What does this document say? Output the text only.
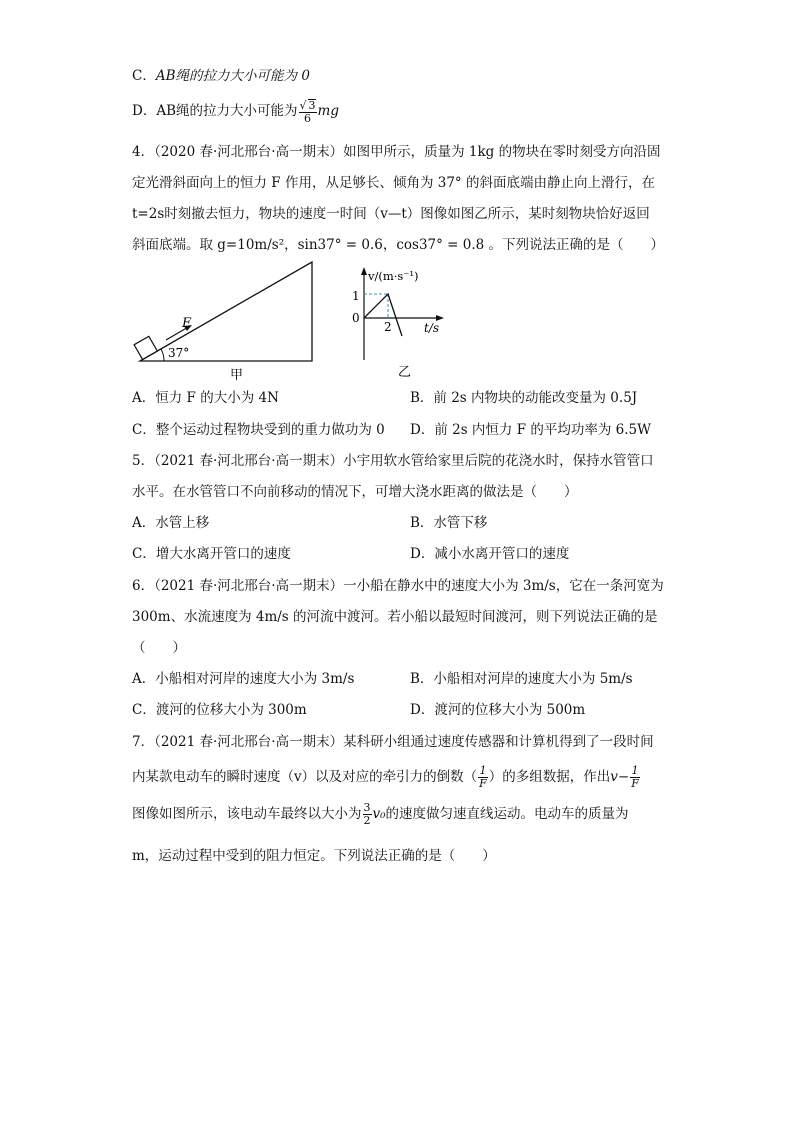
C．AB绳的拉力大小可能为 0
D．AB绳的拉力大小可能为 $\frac{√ 3}{6}$ mg
4．（2020 春·河北邢台·高一期末）如图甲所示，质量为 1kg 的物块在零时刻受方向沿固
定光滑斜面向上的恒力 F 作用，从足够长、倾角为 37° 的斜面底端由静止向上滑行，在
t=2s时刻撤去恒力，物块的速度一时间（v—t）图像如图乙所示，某时刻物块恰好返回
斜面底端。取 g=10m/s²，sin37° = 0.6，cos37° = 0.8 。下列说法正确的是（　　）
F
37°
甲
v/(m·s⁻¹)
t/s
1
0
2
乙
A．恒力 F 的大小为 4N	B．前 2s 内物块的动能改变量为 0.5J
C．整个运动过程物块受到的重力做功为 0 D．前 2s 内恒力 F 的平均功率为 6.5W
5．（2021 春·河北邢台·高一期末）小宇用软水管给家里后院的花浇水时，保持水管管口
水平。在水管管口不向前移动的情况下，可增大浇水距离的做法是（　　）
A．水管上移	B．水管下移
C．增大水离开管口的速度	D．减小水离开管口的速度
6．（2021 春·河北邢台·高一期末）一小船在静水中的速度大小为 3m/s，它在一条河宽为
300m、水流速度为 4m/s 的河流中渡河。若小船以最短时间渡河，则下列说法正确的是
（　　）
A．小船相对河岸的速度大小为 3m/s	B．小船相对河岸的速度大小为 5m/s
C．渡河的位移大小为 300m	D．渡河的位移大小为 500m
7．（2021 春·河北邢台·高一期末）某科研小组通过速度传感器和计算机得到了一段时间
内某款电动车的瞬时速度（v）以及对应的牵引力的倒数（ $\frac{1}{F}$ ）的多组数据，作出$v- \frac{1}{F}$
图像如图所示，该电动车最终以大小为 $\frac{3}{2} v_0$的速度做匀速直线运动。电动车的质量为
m，运动过程中受到的阻力恒定。下列说法正确的是（　　）
